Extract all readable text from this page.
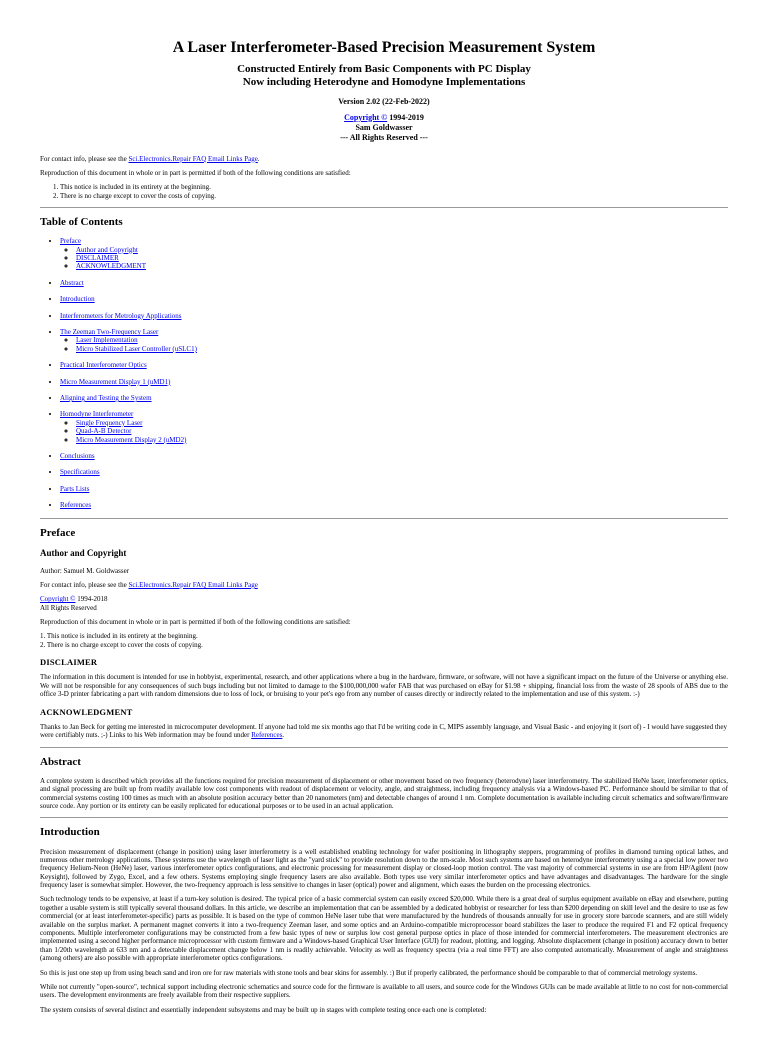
A Laser Interferometer-Based Precision Measurement System
Constructed Entirely from Basic Components with PC Display
Now including Heterodyne and Homodyne Implementations
Version 2.02 (22-Feb-2022)
Copyright © 1994-2019
Sam Goldwasser
--- All Rights Reserved ---

For contact info, please see the Sci.Electronics.Repair FAQ Email Links Page.

Reproduction of this document in whole or in part is permitted if both of the following conditions are satisfied:

1. This notice is included in its entirety at the beginning.
2. There is no charge except to cover the costs of copying.
Table of Contents
• Preface
◦ Author and Copyright
◦ DISCLAIMER
◦ ACKNOWLEDGMENT
• Abstract
• Introduction
• Interferometers for Metrology Applications
• The Zeeman Two-Frequency Laser
◦ Laser Implementation
◦ Micro Stabilized Laser Controller (uSLC1)
• Practical Interferometer Optics
• Micro Measurement Display 1 (uMD1)
• Aligning and Testing the System
• Homodyne Interferometer
◦ Single Frequency Laser
◦ Quad-A-B Detector
◦ Micro Measurement Display 2 (uMD2)
• Conclusions
• Specifications
• Parts Lists
• References
Preface
Author and Copyright

Author: Samuel M. Goldwasser

For contact info, please see the Sci.Electronics.Repair FAQ Email Links Page

Copyright © 1994-2018
All Rights Reserved

Reproduction of this document in whole or in part is permitted if both of the following conditions are satisfied:

1. This notice is included in its entirety at the beginning.
2. There is no charge except to cover the costs of copying.

DISCLAIMER

The information in this document is intended for use in hobbyist, experimental, research, and other applications where a bug in the hardware, firmware, or software, will not have a significant impact on the future of the Universe or anything else. We will not be responsible for any consequences of such bugs including but not limited to damage to the $100,000,000 wafer FAB that was purchased on eBay for $1.98 + shipping, financial loss from the waste of 28 spools of ABS due to the office 3-D printer fabricating a part with random dimensions due to loss of lock, or bruising to your pet's ego from any number of causes directly or indirectly related to the implementation and use of this system. :-)

ACKNOWLEDGMENT

Thanks to Jan Beck for getting me interested in microcomputer development. If anyone had told me six months ago that I'd be writing code in C, MIPS assembly language, and Visual Basic - and enjoying it (sort of) - I would have suggested they were certifiably nuts. ;-) Links to his Web information may be found under References.

Abstract

A complete system is described which provides all the functions required for precision measurement of displacement or other movement based on two frequency (heterodyne) laser interferometry. The stabilized HeNe laser, interferometer optics, and signal processing are built up from readily available low cost components with readout of displacement or velocity, angle, and straightness, including frequency analysis via a Windows-based PC. Performance should be similar to that of commercial systems costing 100 times as much with an absolute position accuracy better than 20 nanometers (nm) and detectable changes of around 1 nm. Complete documentation is available including circuit schematics and software/firmware source code. Any portion or its entirety can be easily replicated for educational purposes or to be used in an actual application.

Introduction

Precision measurement of displacement (change in position) using laser interferometry is a well established enabling technology for wafer positioning in lithography steppers, programming of profiles in diamond turning optical lathes, and numerous other metrology applications. These systems use the wavelength of laser light as the "yard stick" to provide resolution down to the nm-scale. Most such systems are based on heterodyne interferometry using a a special low power two frequency Helium-Neon (HeNe) laser, various interferometer optics configurations, and electronic processing for measurement display or closed-loop motion control. The vast majority of commercial systems in use are from HP/Agilent (now Keysight), followed by Zygo, Excel, and a few others. Systems employing single frequency lasers are also available. Both types use very similar interferometer optics and have advantages and disadvantages. The hardware for the single frequency laser is somewhat simpler. However, the two-frequency approach is less sensitive to changes in laser (optical) power and alignment, which eases the burden on the processing electronics.

Such technology tends to be expensive, at least if a turn-key solution is desired. The typical price of a basic commercial system can easily exceed $20,000. While there is a great deal of surplus equipment available on eBay and elsewhere, putting together a usable system is still typically several thousand dollars. In this article, we describe an implementation that can be assembled by a dedicated hobbyist or researcher for less than $200 depending on skill level and the desire to use as few commercial (or at least interferometer-specific) parts as possible. It is based on the type of common HeNe laser tube that were manufactured by the hundreds of thousands annually for use in grocery store barcode scanners, and are still widely available on the surplus market. A permanent magnet converts it into a two-frequency Zeeman laser, and some optics and an Arduino-compatible microprocessor board stabilizes the laser to produce the required F1 and F2 optical frequency components. Multiple interferometer configurations may be constructed from a few basic types of new or surplus low cost general purpose optics in place of those intended for commercial interferometers. The measurement electronics are implemented using a second higher performance microprocessor with custom firmware and a Windows-based Graphical User Interface (GUI) for readout, plotting, and logging. Absolute displacement (change in position) accuracy down to better than 1/20th wavelength at 633 nm and a detectable displacement change below 1 nm is readily achievable. Velocity as well as frequency spectra (via a real time FFT) are also computed automatically. Measurement of angle and straightness (among others) are also possible with appropriate interferometer optics configurations.

So this is just one step up from using beach sand and iron ore for raw materials with stone tools and bear skins for assembly. :) But if properly calibrated, the performance should be comparable to that of commercial metrology systems.

While not currently "open-source", technical support including electronic schematics and source code for the firmware is available to all users, and source code for the Windows GUIs can be made available at little to no cost for non-commercial users. The development environments are freely available from their respective suppliers.

The system consists of several distinct and essentially independent subsystems and may be built up in stages with complete testing once each one is completed:
